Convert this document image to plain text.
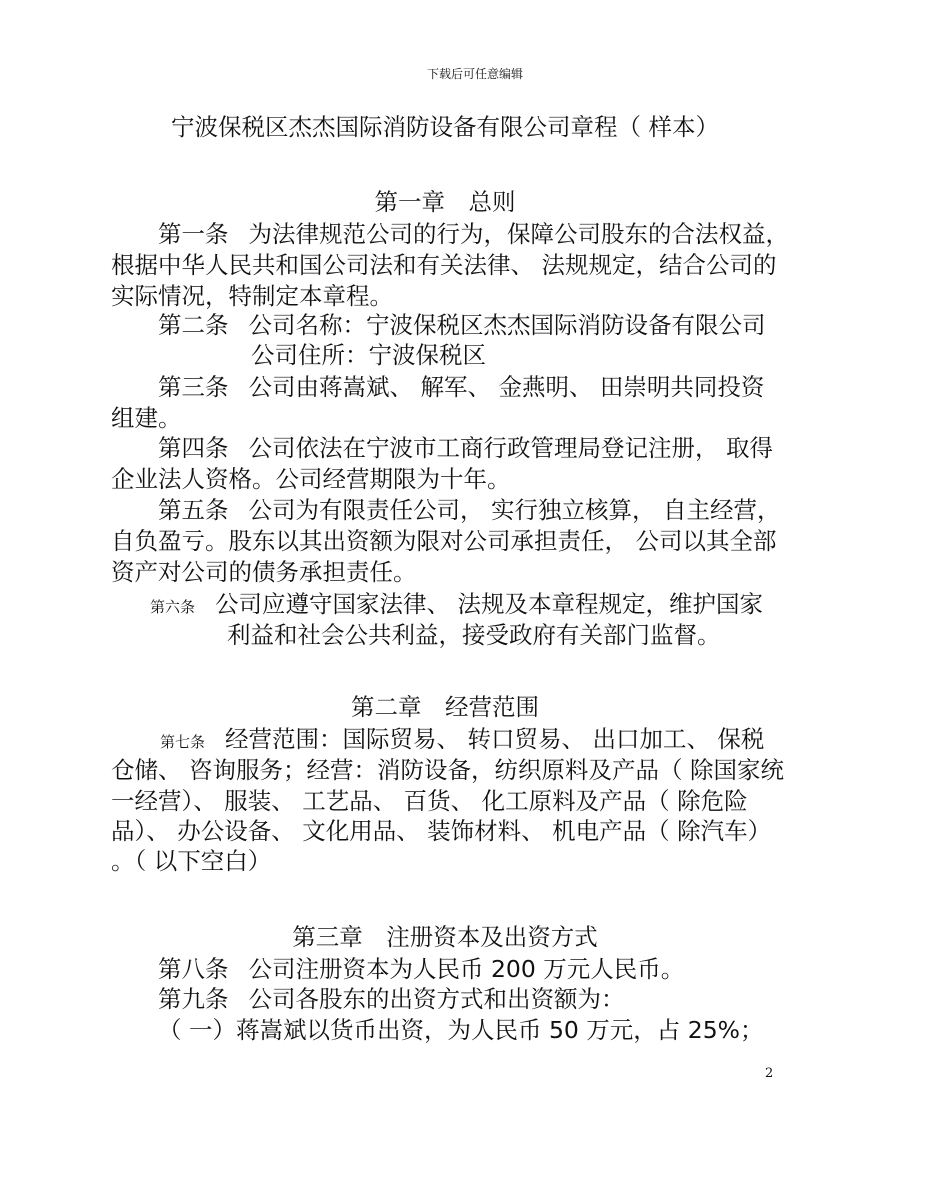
下载后可任意编辑
宁波保税区杰杰国际消防设备有限公司章程（ 样本）
第一章　总则
第一条 为法律规范公司的行为，保障公司股东的合法权益，
根据中华人民共和国公司法和有关法律、 法规规定，结合公司的
实际情况，特制定本章程。
第二条 公司名称：宁波保税区杰杰国际消防设备有限公司
公司住所：宁波保税区
第三条 公司由蒋嵩斌、 解军、 金燕明、 田崇明共同投资
组建。
第四条 公司依法在宁波市工商行政管理局登记注册， 取得
企业法人资格。公司经营期限为十年。
第五条 公司为有限责任公司， 实行独立核算， 自主经营，
自负盈亏。股东以其出资额为限对公司承担责任， 公司以其全部
资产对公司的债务承担责任。
第六条 公司应遵守国家法律、 法规及本章程规定，维护国家
利益和社会公共利益，接受政府有关部门监督。
第二章　经营范围
第七条 经营范围：国际贸易、 转口贸易、 出口加工、 保税
仓储、 咨询服务；经营：消防设备，纺织原料及产品（ 除国家统
一经营）、 服装、 工艺品、 百货、 化工原料及产品（ 除危险
品）、 办公设备、 文化用品、 装饰材料、 机电产品（ 除汽车）
。（ 以下空白）
第三章　注册资本及出资方式
第八条 公司注册资本为人民币 200 万元人民币。
第九条 公司各股东的出资方式和出资额为：
（ 一）蒋嵩斌以货币出资，为人民币 50 万元，占 25%；
2
